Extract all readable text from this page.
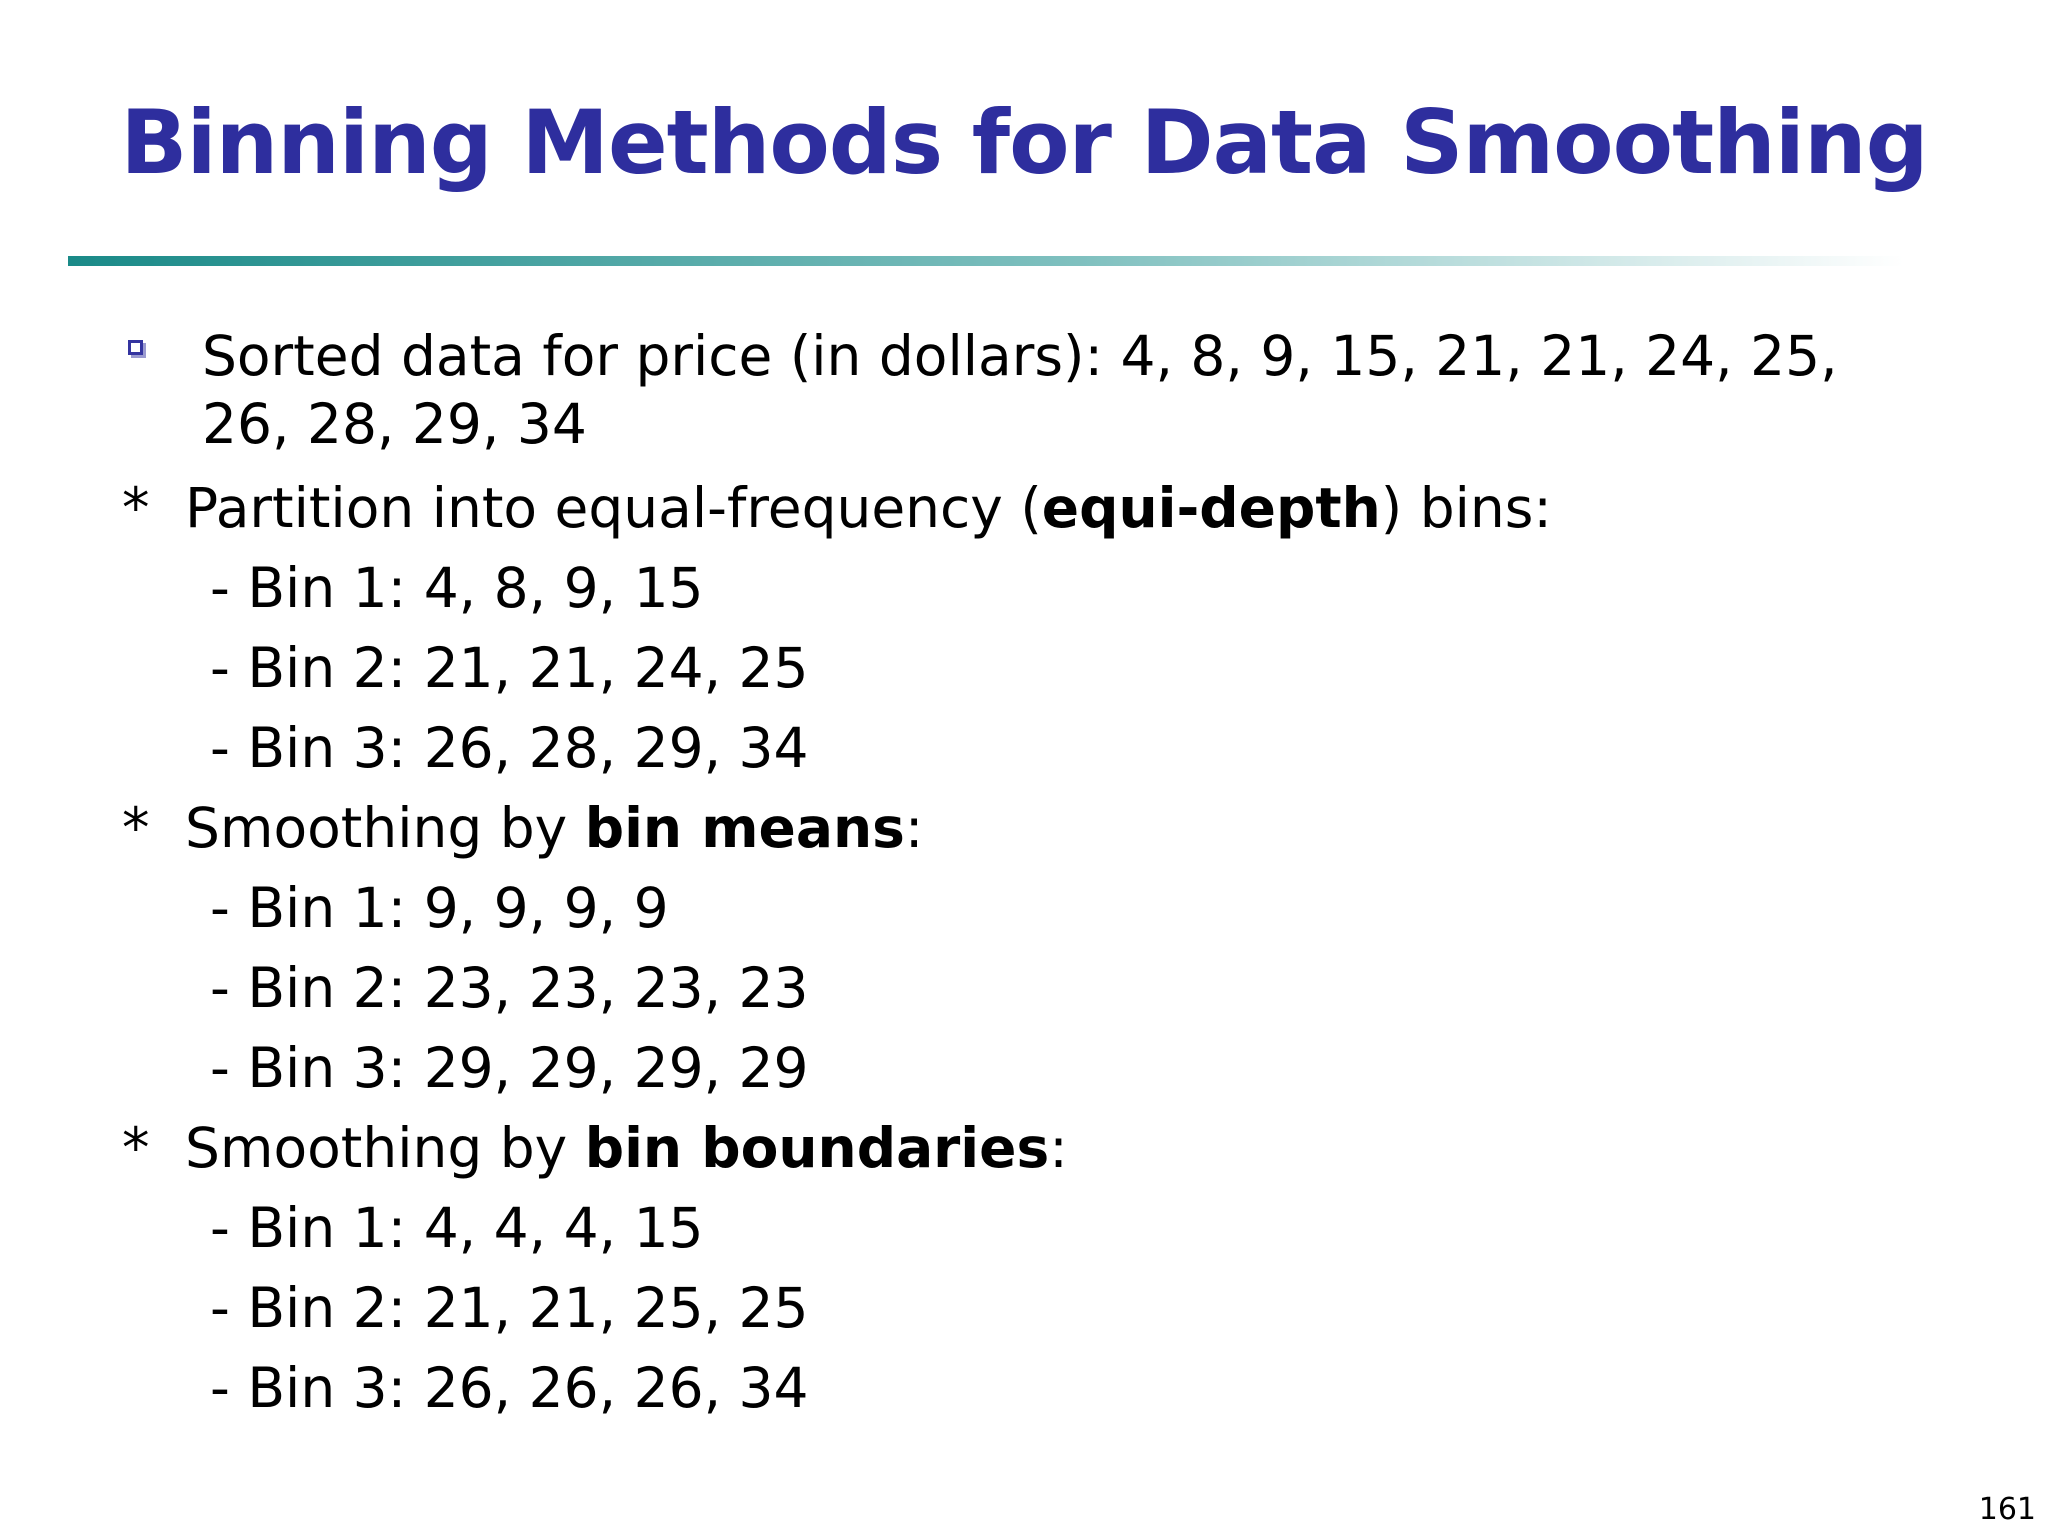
Binning Methods for Data Smoothing
Sorted data for price (in dollars): 4, 8, 9, 15, 21, 21, 24, 25, 26, 28, 29, 34
* Partition into equal-frequency (equi-depth) bins:
- Bin 1: 4, 8, 9, 15
- Bin 2: 21, 21, 24, 25
- Bin 3: 26, 28, 29, 34
* Smoothing by bin means:
- Bin 1: 9, 9, 9, 9
- Bin 2: 23, 23, 23, 23
- Bin 3: 29, 29, 29, 29
* Smoothing by bin boundaries:
- Bin 1: 4, 4, 4, 15
- Bin 2: 21, 21, 25, 25
- Bin 3: 26, 26, 26, 34
161
